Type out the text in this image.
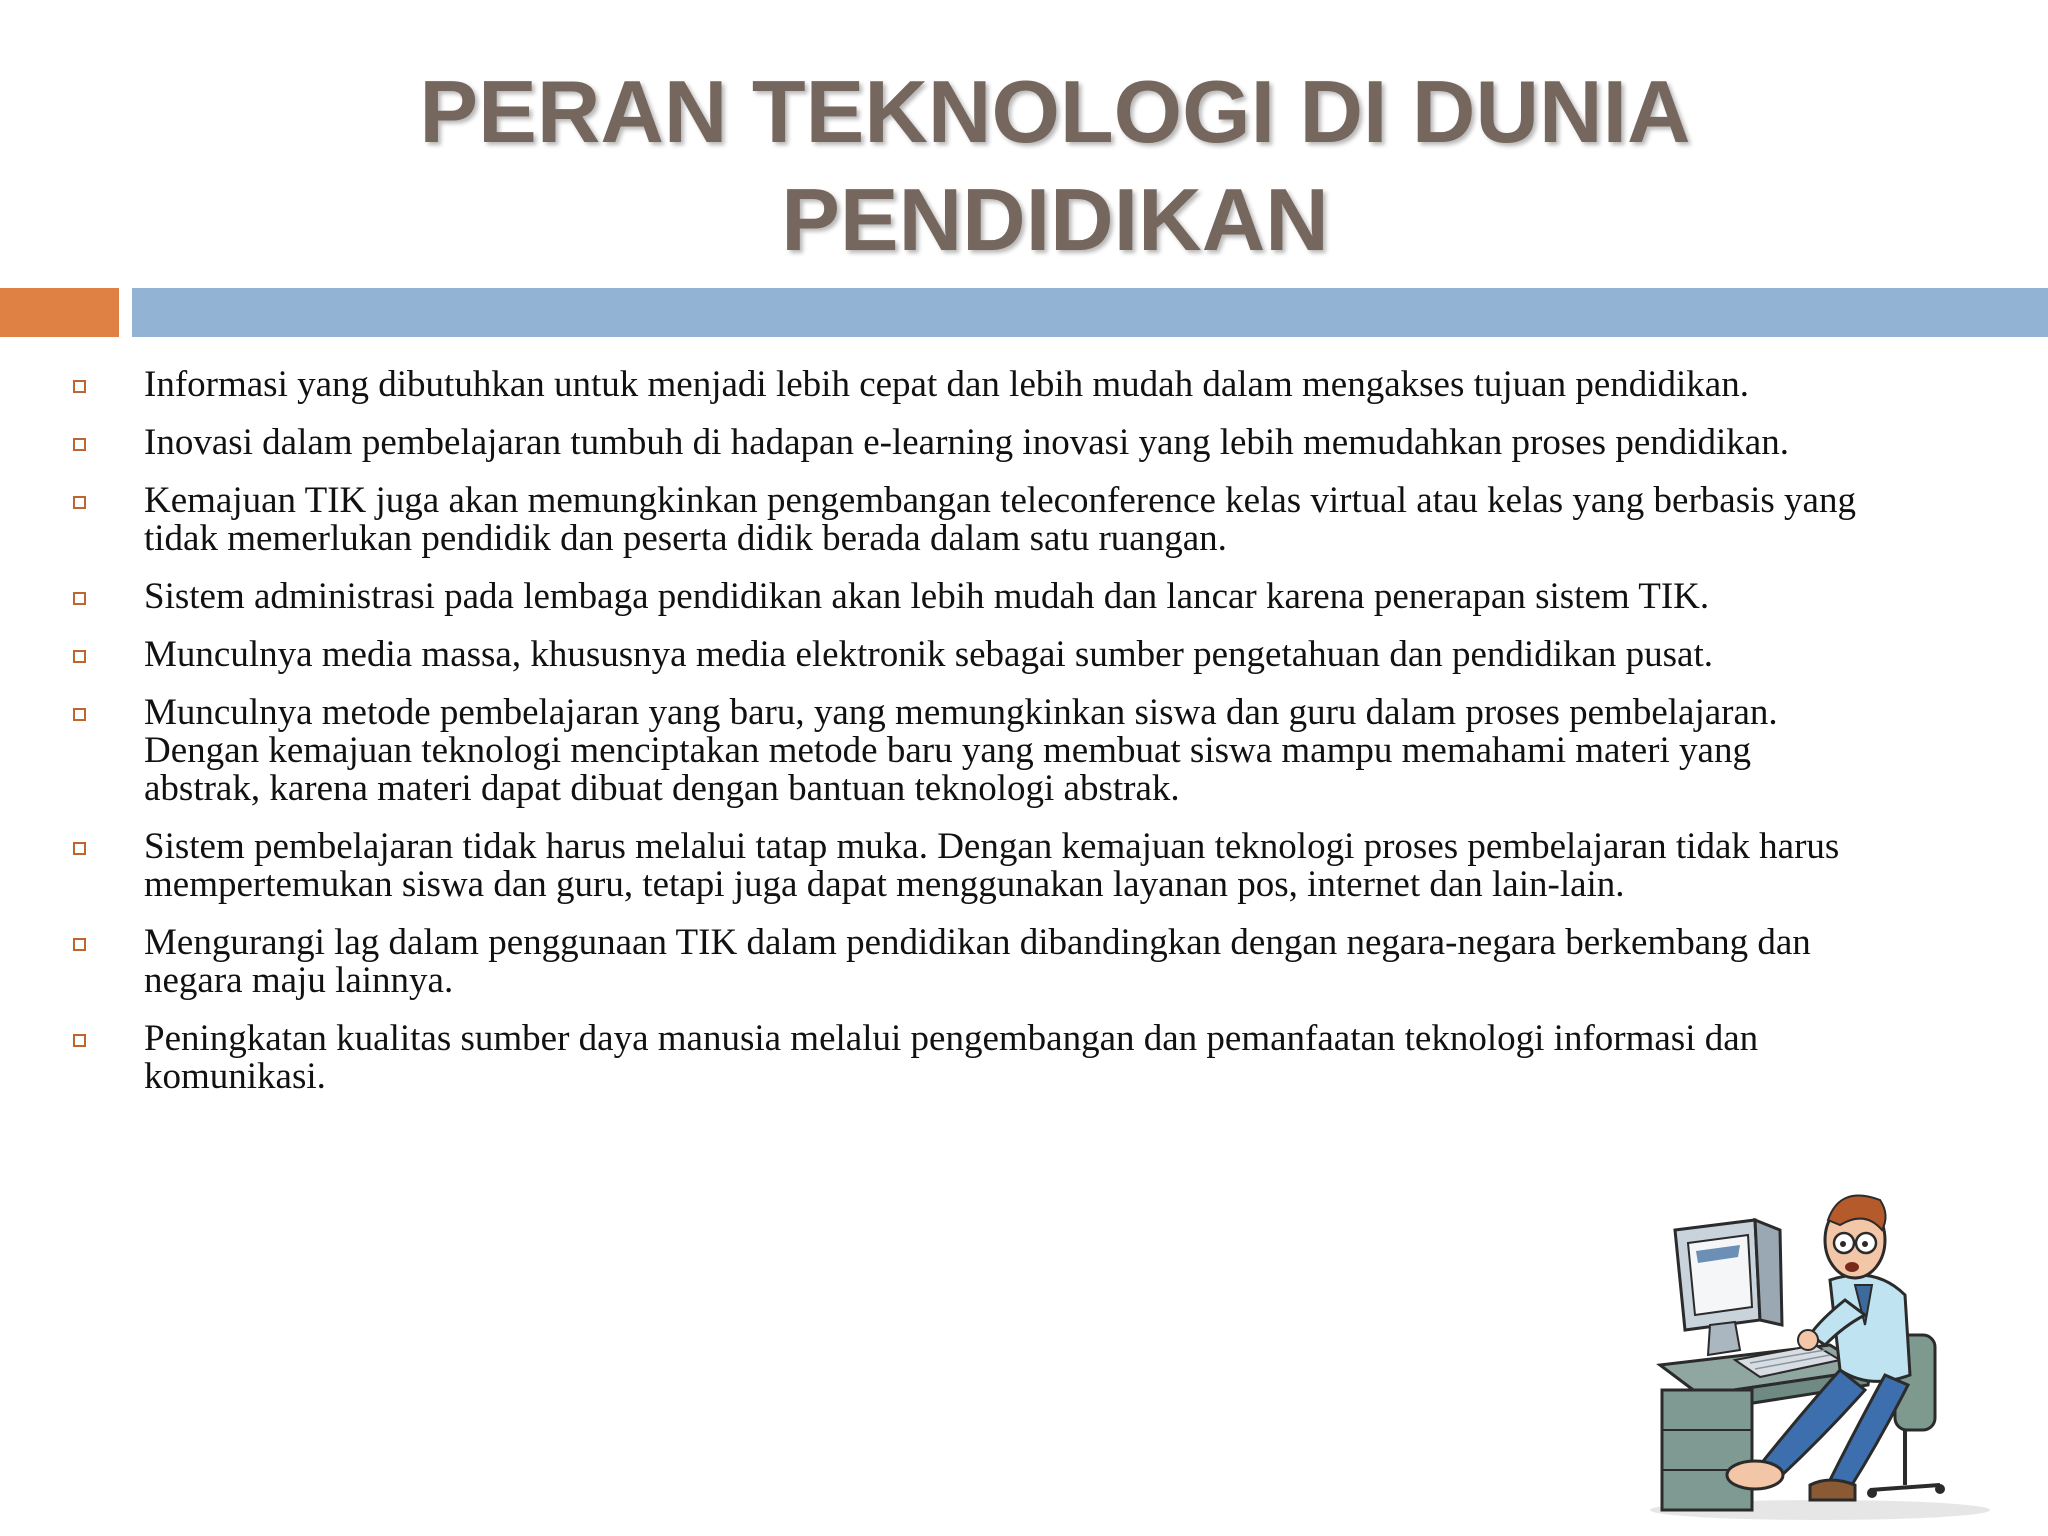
PERAN TEKNOLOGI DI DUNIA
PENDIDIKAN
Informasi yang dibutuhkan untuk menjadi lebih cepat dan lebih mudah dalam mengakses tujuan pendidikan.
Inovasi dalam pembelajaran tumbuh di hadapan e-learning inovasi yang lebih memudahkan proses pendidikan.
Kemajuan TIK juga akan memungkinkan pengembangan teleconference kelas virtual atau kelas yang berbasis yang tidak memerlukan pendidik dan peserta didik berada dalam satu ruangan.
Sistem administrasi pada lembaga pendidikan akan lebih mudah dan lancar karena penerapan sistem TIK.
Munculnya media massa, khususnya media elektronik sebagai sumber pengetahuan dan pendidikan pusat.
Munculnya metode pembelajaran yang baru, yang memungkinkan siswa dan guru dalam proses pembelajaran. Dengan kemajuan teknologi menciptakan metode baru yang membuat siswa mampu memahami materi yang abstrak, karena materi dapat dibuat dengan bantuan teknologi abstrak.
Sistem pembelajaran tidak harus melalui tatap muka. Dengan kemajuan teknologi proses pembelajaran tidak harus mempertemukan siswa dan guru, tetapi juga dapat menggunakan layanan pos, internet dan lain-lain.
Mengurangi lag dalam penggunaan TIK dalam pendidikan dibandingkan dengan negara-negara berkembang dan negara maju lainnya.
Peningkatan kualitas sumber daya manusia melalui pengembangan dan pemanfaatan teknologi informasi dan komunikasi.
